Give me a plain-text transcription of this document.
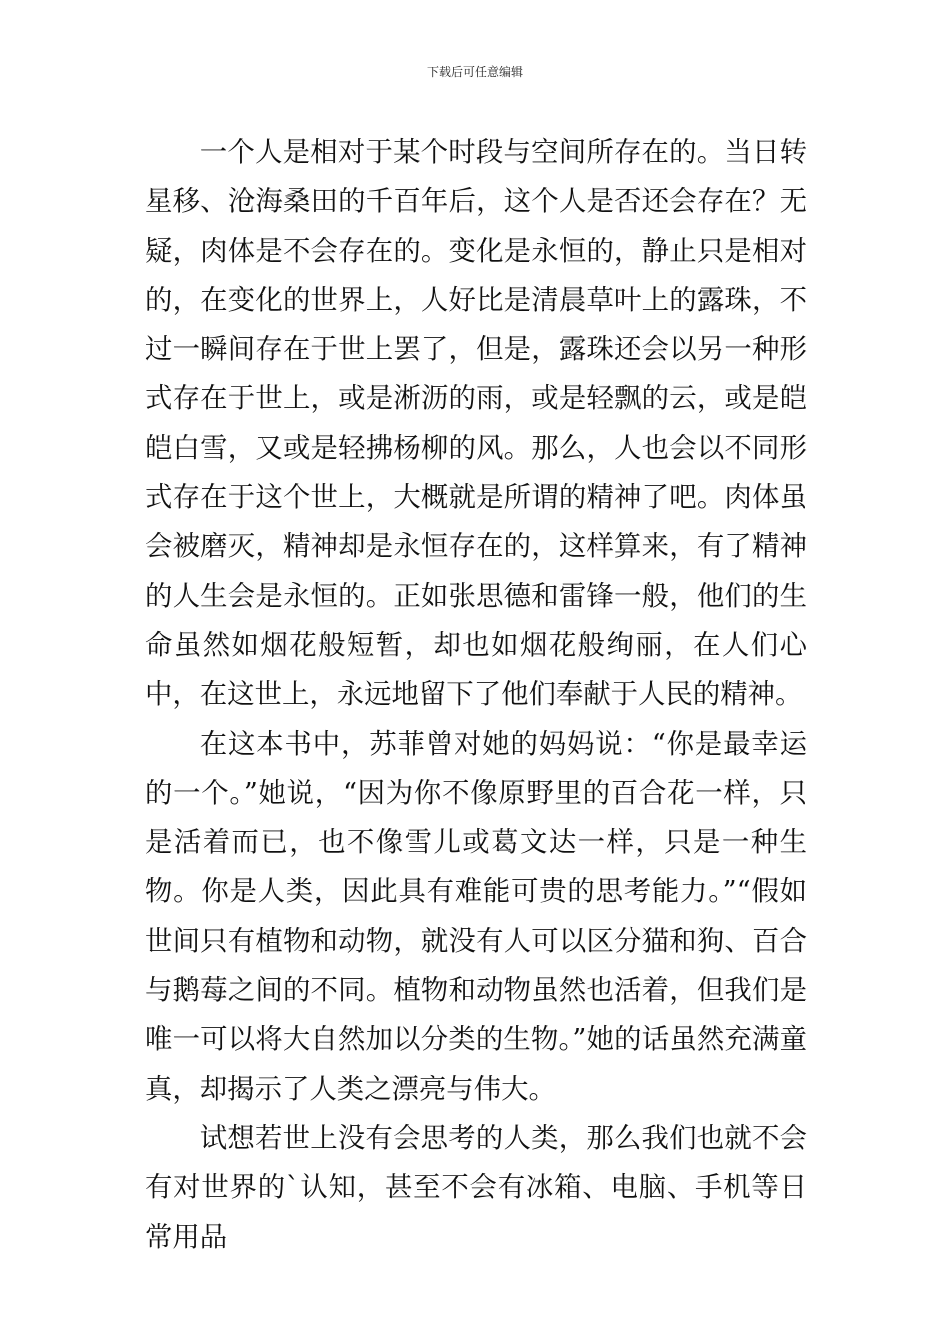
下载后可任意编辑

一个人是相对于某个时段与空间所存在的。当日转星移、沧海桑田的千百年后，这个人是否还会存在？无疑，肉体是不会存在的。变化是永恒的，静止只是相对的，在变化的世界上，人好比是清晨草叶上的露珠，不过一瞬间存在于世上罢了，但是，露珠还会以另一种形式存在于世上，或是淅沥的雨，或是轻飘的云，或是皑皑白雪，又或是轻拂杨柳的风。那么，人也会以不同形式存在于这个世上，大概就是所谓的精神了吧。肉体虽会被磨灭，精神却是永恒存在的，这样算来，有了精神的人生会是永恒的。正如张思德和雷锋一般，他们的生命虽然如烟花般短暂，却也如烟花般绚丽，在人们心中，在这世上，永远地留下了他们奉献于人民的精神。

在这本书中，苏菲曾对她的妈妈说：“你是最幸运的一个。”她说，“因为你不像原野里的百合花一样，只是活着而已，也不像雪儿或葛文达一样，只是一种生物。你是人类，因此具有难能可贵的思考能力。”“假如世间只有植物和动物，就没有人可以区分猫和狗、百合与鹅莓之间的不同。植物和动物虽然也活着，但我们是唯一可以将大自然加以分类的生物。”她的话虽然充满童真，却揭示了人类之漂亮与伟大。

试想若世上没有会思考的人类，那么我们也就不会有对世界的`认知，甚至不会有冰箱、电脑、手机等日常用品
